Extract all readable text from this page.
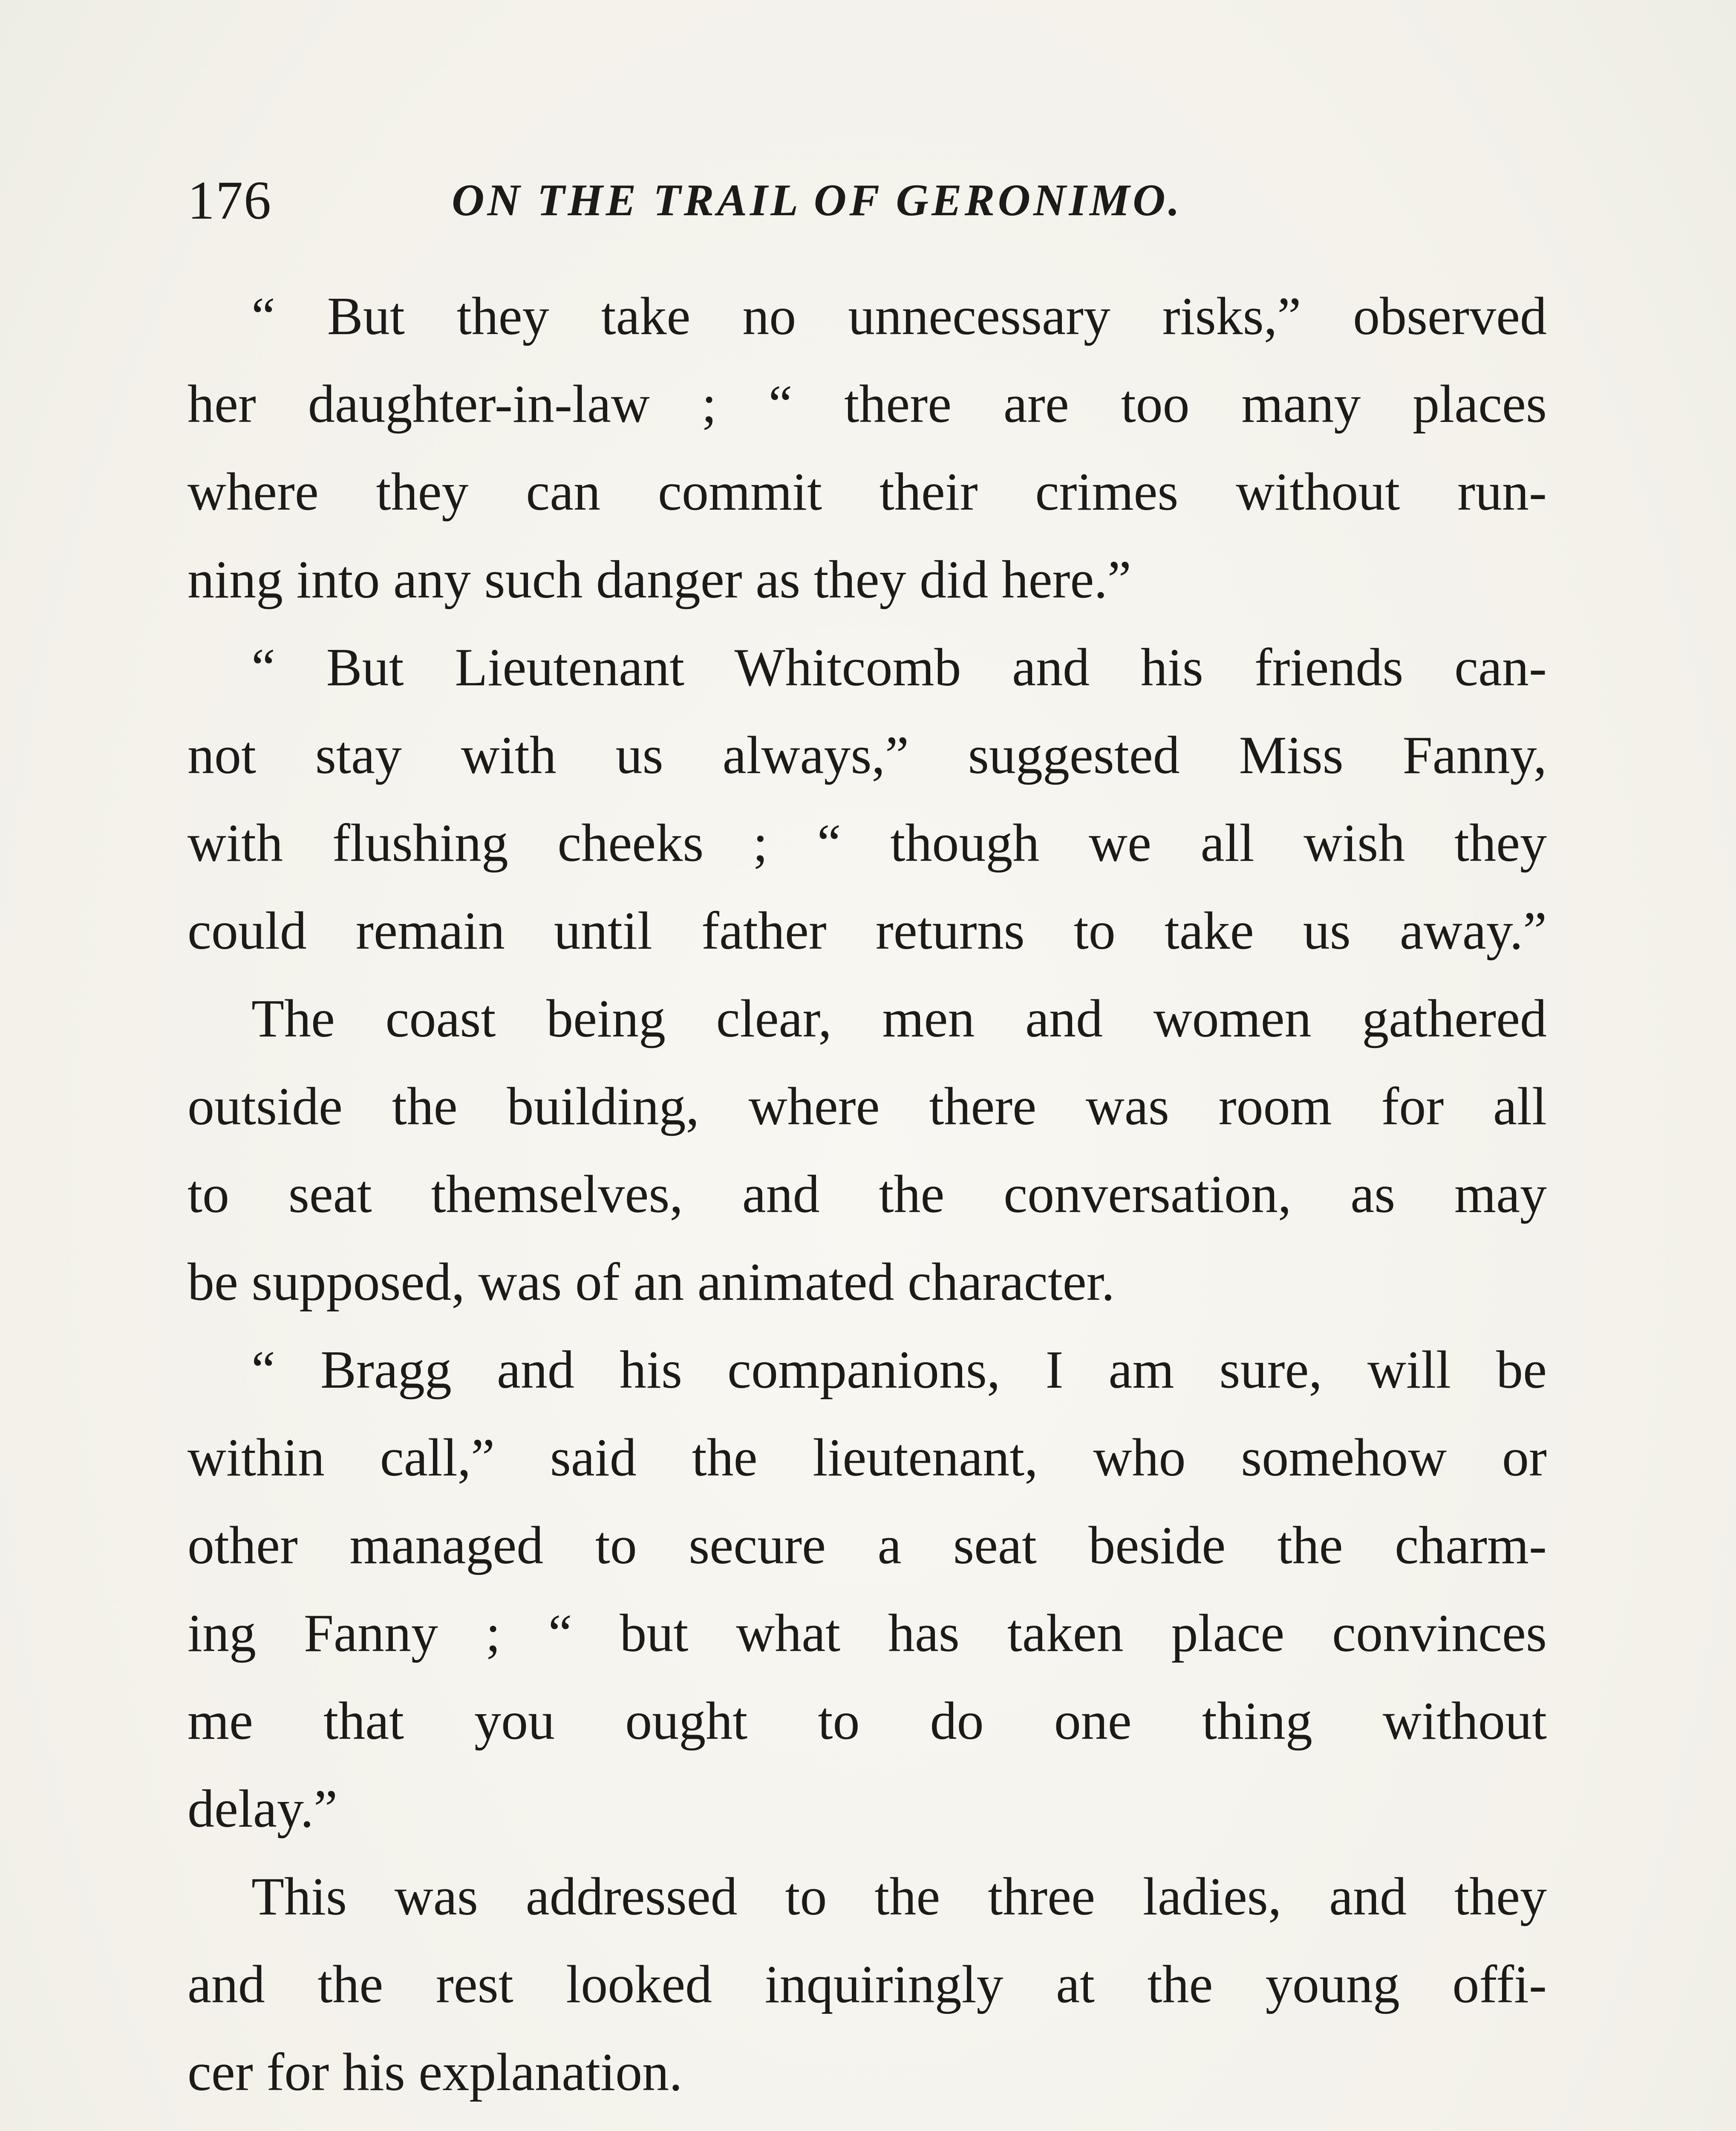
176	ON THE TRAIL OF GERONIMO.
“ But they take no unnecessary risks,” observed
her daughter-in-law ; “ there are too many places
where they can commit their crimes without run-
ning into any such danger as they did here.”
“ But Lieutenant Whitcomb and his friends can-
not stay with us always,” suggested Miss Fanny,
with flushing cheeks ; “ though we all wish they
could remain until father returns to take us away.”
The coast being clear, men and women gathered
outside the building, where there was room for all
to seat themselves, and the conversation, as may
be supposed, was of an animated character.
“ Bragg and his companions, I am sure, will be
within call,” said the lieutenant, who somehow or
other managed to secure a seat beside the charm-
ing Fanny ; “ but what has taken place convinces
me that you ought to do one thing without
delay.”
This was addressed to the three ladies, and they
and the rest looked inquiringly at the young offi-
cer for his explanation.
